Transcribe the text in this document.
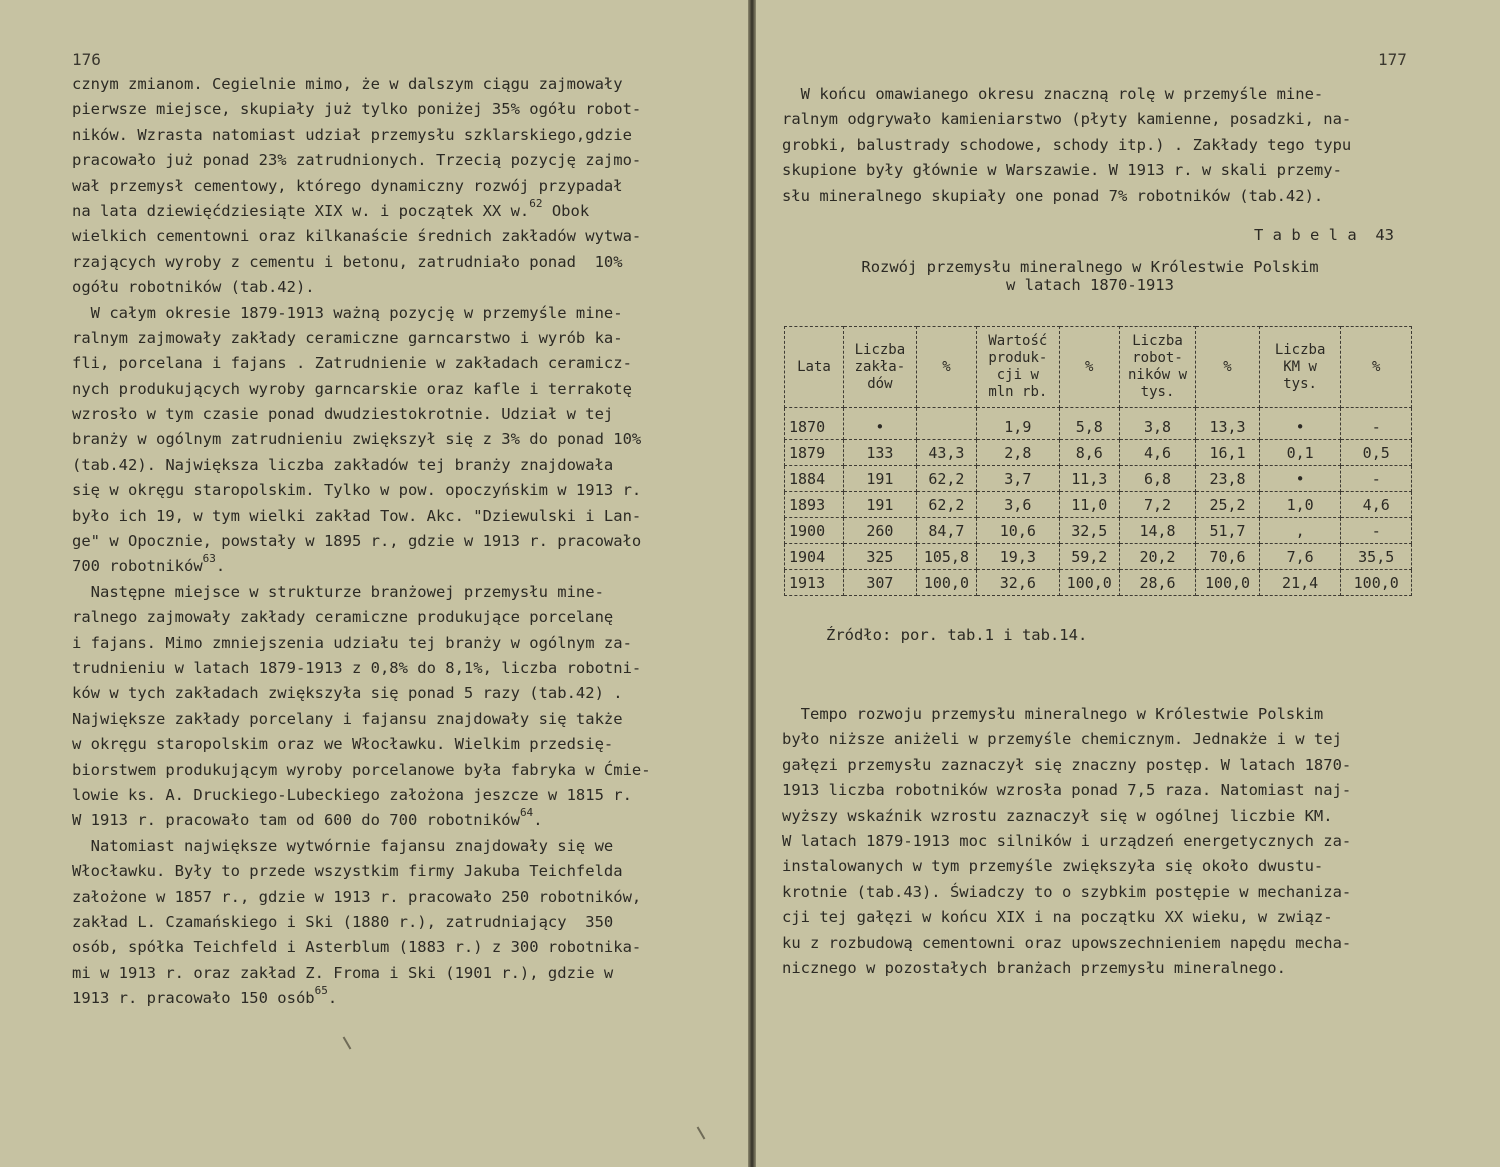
176	177
cznym zmianom. Cegielnie mimo, że w dalszym ciągu zajmowały
pierwsze miejsce, skupiały już tylko poniżej 35% ogółu robot-
ników. Wzrasta natomiast udział przemysłu szklarskiego,gdzie
pracowało już ponad 23% zatrudnionych. Trzecią pozycję zajmo-
wał przemysł cementowy, którego dynamiczny rozwój przypadał
na lata dziewięćdziesiąte XIX w. i początek XX w.$^{62}$ Obok
wielkich cementowni oraz kilkanaście średnich zakładów wytwa-
rzających wyroby z cementu i betonu, zatrudniało ponad  10%
ogółu robotników (tab.42).
W całym okresie 1879-1913 ważną pozycję w przemyśle mine-
ralnym zajmowały zakłady ceramiczne garncarstwo i wyrób ka-
fli, porcelana i fajans . Zatrudnienie w zakładach ceramicz-
nych produkujących wyroby garncarskie oraz kafle i terrakotę
wzrosło w tym czasie ponad dwudziestokrotnie. Udział w tej
branży w ogólnym zatrudnieniu zwiększył się z 3% do ponad 10%
(tab.42). Największa liczba zakładów tej branży znajdowała
się w okręgu staropolskim. Tylko w pow. opoczyńskim w 1913 r.
było ich 19, w tym wielki zakład Tow. Akc. "Dziewulski i Lan-
ge" w Opocznie, powstały w 1895 r., gdzie w 1913 r. pracowało
700 robotników$^{63}$.
Następne miejsce w strukturze branżowej przemysłu mine-
ralnego zajmowały zakłady ceramiczne produkujące porcelanę
i fajans. Mimo zmniejszenia udziału tej branży w ogólnym za-
trudnieniu w latach 1879-1913 z 0,8% do 8,1%, liczba robotni-
ków w tych zakładach zwiększyła się ponad 5 razy (tab.42) .
Największe zakłady porcelany i fajansu znajdowały się także
w okręgu staropolskim oraz we Włocławku. Wielkim przedsię-
biorstwem produkującym wyroby porcelanowe była fabryka w Ćmie-
lowie ks. A. Druckiego-Lubeckiego założona jeszcze w 1815 r.
W 1913 r. pracowało tam od 600 do 700 robotników$^{64}$.
Natomiast największe wytwórnie fajansu znajdowały się we
Włocławku. Były to przede wszystkim firmy Jakuba Teichfelda
założone w 1857 r., gdzie w 1913 r. pracowało 250 robotników,
zakład L. Czamańskiego i Ski (1880 r.), zatrudniający  350
osób, spółka Teichfeld i Asterblum (1883 r.) z 300 robotnika-
mi w 1913 r. oraz zakład Z. Froma i Ski (1901 r.), gdzie w
1913 r. pracowało 150 osób$^{65}$.
W końcu omawianego okresu znaczną rolę w przemyśle mine-
ralnym odgrywało kamieniarstwo (płyty kamienne, posadzki, na-
grobki, balustrady schodowe, schody itp.) . Zakłady tego typu
skupione były głównie w Warszawie. W 1913 r. w skali przemy-
słu mineralnego skupiały one ponad 7% robotników (tab.42).
T a b e l a  43
Rozwój przemysłu mineralnego w Królestwie Polskim
w latach 1870-1913
Lata	Liczba zakła- dów	%	Wartość produk- cji w mln rb.	%	Liczba robot- ników w tys.	%	Liczba KM w tys.	%
1870	•		1,9	5,8	3,8	13,3	•	-
1879	133	43,3	2,8	8,6	4,6	16,1	0,1	0,5
1884	191	62,2	3,7	11,3	6,8	23,8	•	-
1893	191	62,2	3,6	11,0	7,2	25,2	1,0	4,6
1900	260	84,7	10,6	32,5	14,8	51,7	,	-
1904	325	105,8	19,3	59,2	20,2	70,6	7,6	35,5
1913	307	100,0	32,6	100,0	28,6	100,0	21,4	100,0
Źródło: por. tab.1 i tab.14.
Tempo rozwoju przemysłu mineralnego w Królestwie Polskim
było niższe aniżeli w przemyśle chemicznym. Jednakże i w tej
gałęzi przemysłu zaznaczył się znaczny postęp. W latach 1870-
1913 liczba robotników wzrosła ponad 7,5 raza. Natomiast naj-
wyższy wskaźnik wzrostu zaznaczył się w ogólnej liczbie KM.
W latach 1879-1913 moc silników i urządzeń energetycznych za-
instalowanych w tym przemyśle zwiększyła się około dwustu-
krotnie (tab.43). Świadczy to o szybkim postępie w mechaniza-
cji tej gałęzi w końcu XIX i na początku XX wieku, w związ-
ku z rozbudową cementowni oraz upowszechnieniem napędu mecha-
nicznego w pozostałych branżach przemysłu mineralnego.
